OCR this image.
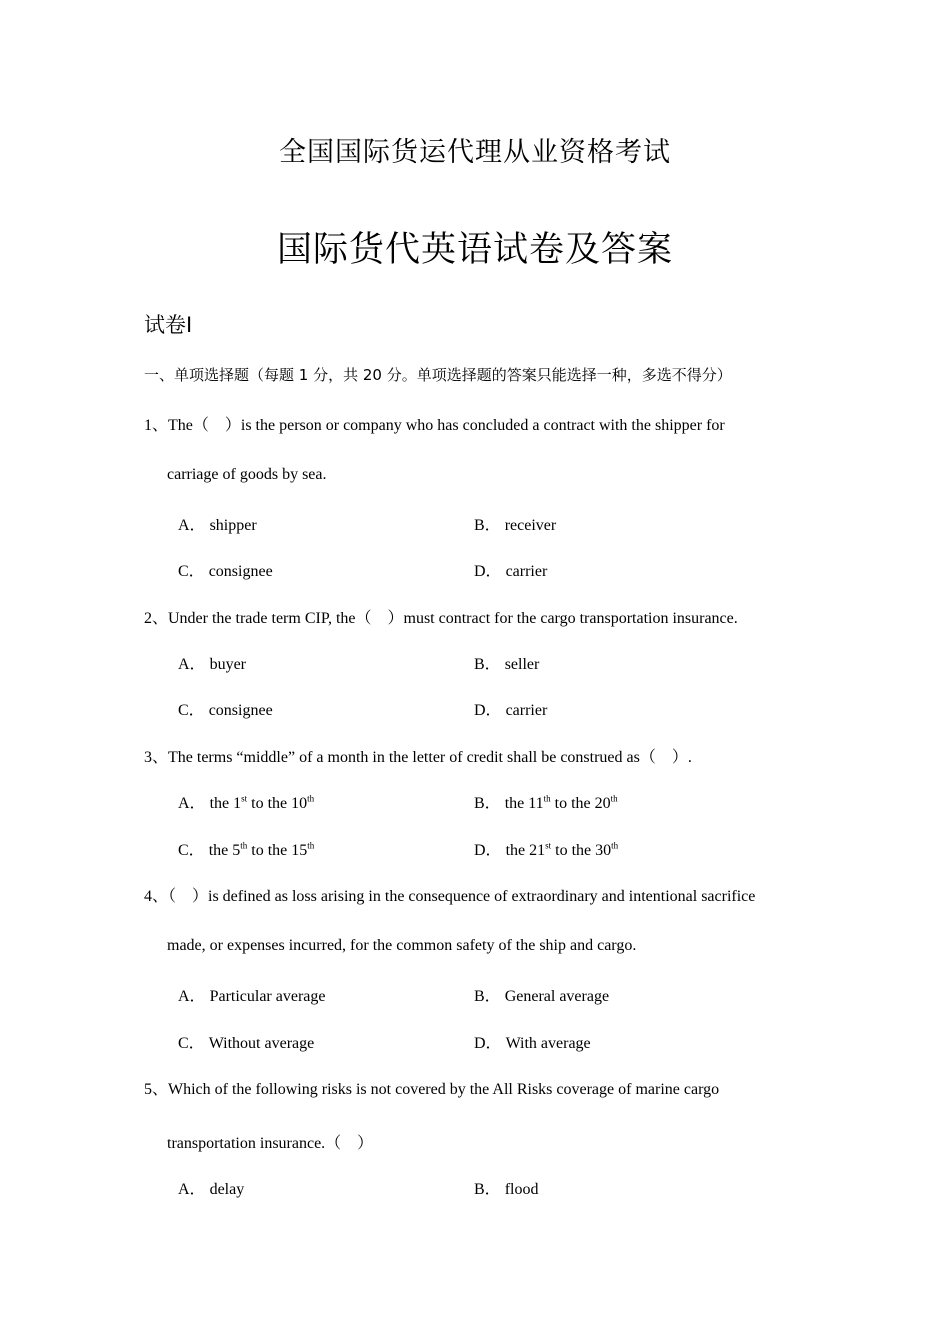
全国国际货运代理从业资格考试
国际货代英语试卷及答案
试卷Ⅰ
一、单项选择题（每题 1 分，共 20 分。单项选择题的答案只能选择一种，多选不得分）
1、The（　）is the person or company who has concluded a contract with the shipper for
carriage of goods by sea.
A． shipper	B． receiver
C． consignee	D． carrier
2、Under the trade term CIP, the（　）must contract for the cargo transportation insurance.
A． buyer	B． seller
C． consignee	D． carrier
3、The terms “middle” of a month in the letter of credit shall be construed as（　）.
A． the 1st to the 10th	B． the 11th to the 20th
C． the 5th to the 15th	D． the 21st to the 30th
4、（　）is defined as loss arising in the consequence of extraordinary and intentional sacrifice
made, or expenses incurred, for the common safety of the ship and cargo.
A． Particular average	B． General average
C． Without average	D． With average
5、Which of the following risks is not covered by the All Risks coverage of marine cargo
transportation insurance.（　）
A． delay	B． flood
